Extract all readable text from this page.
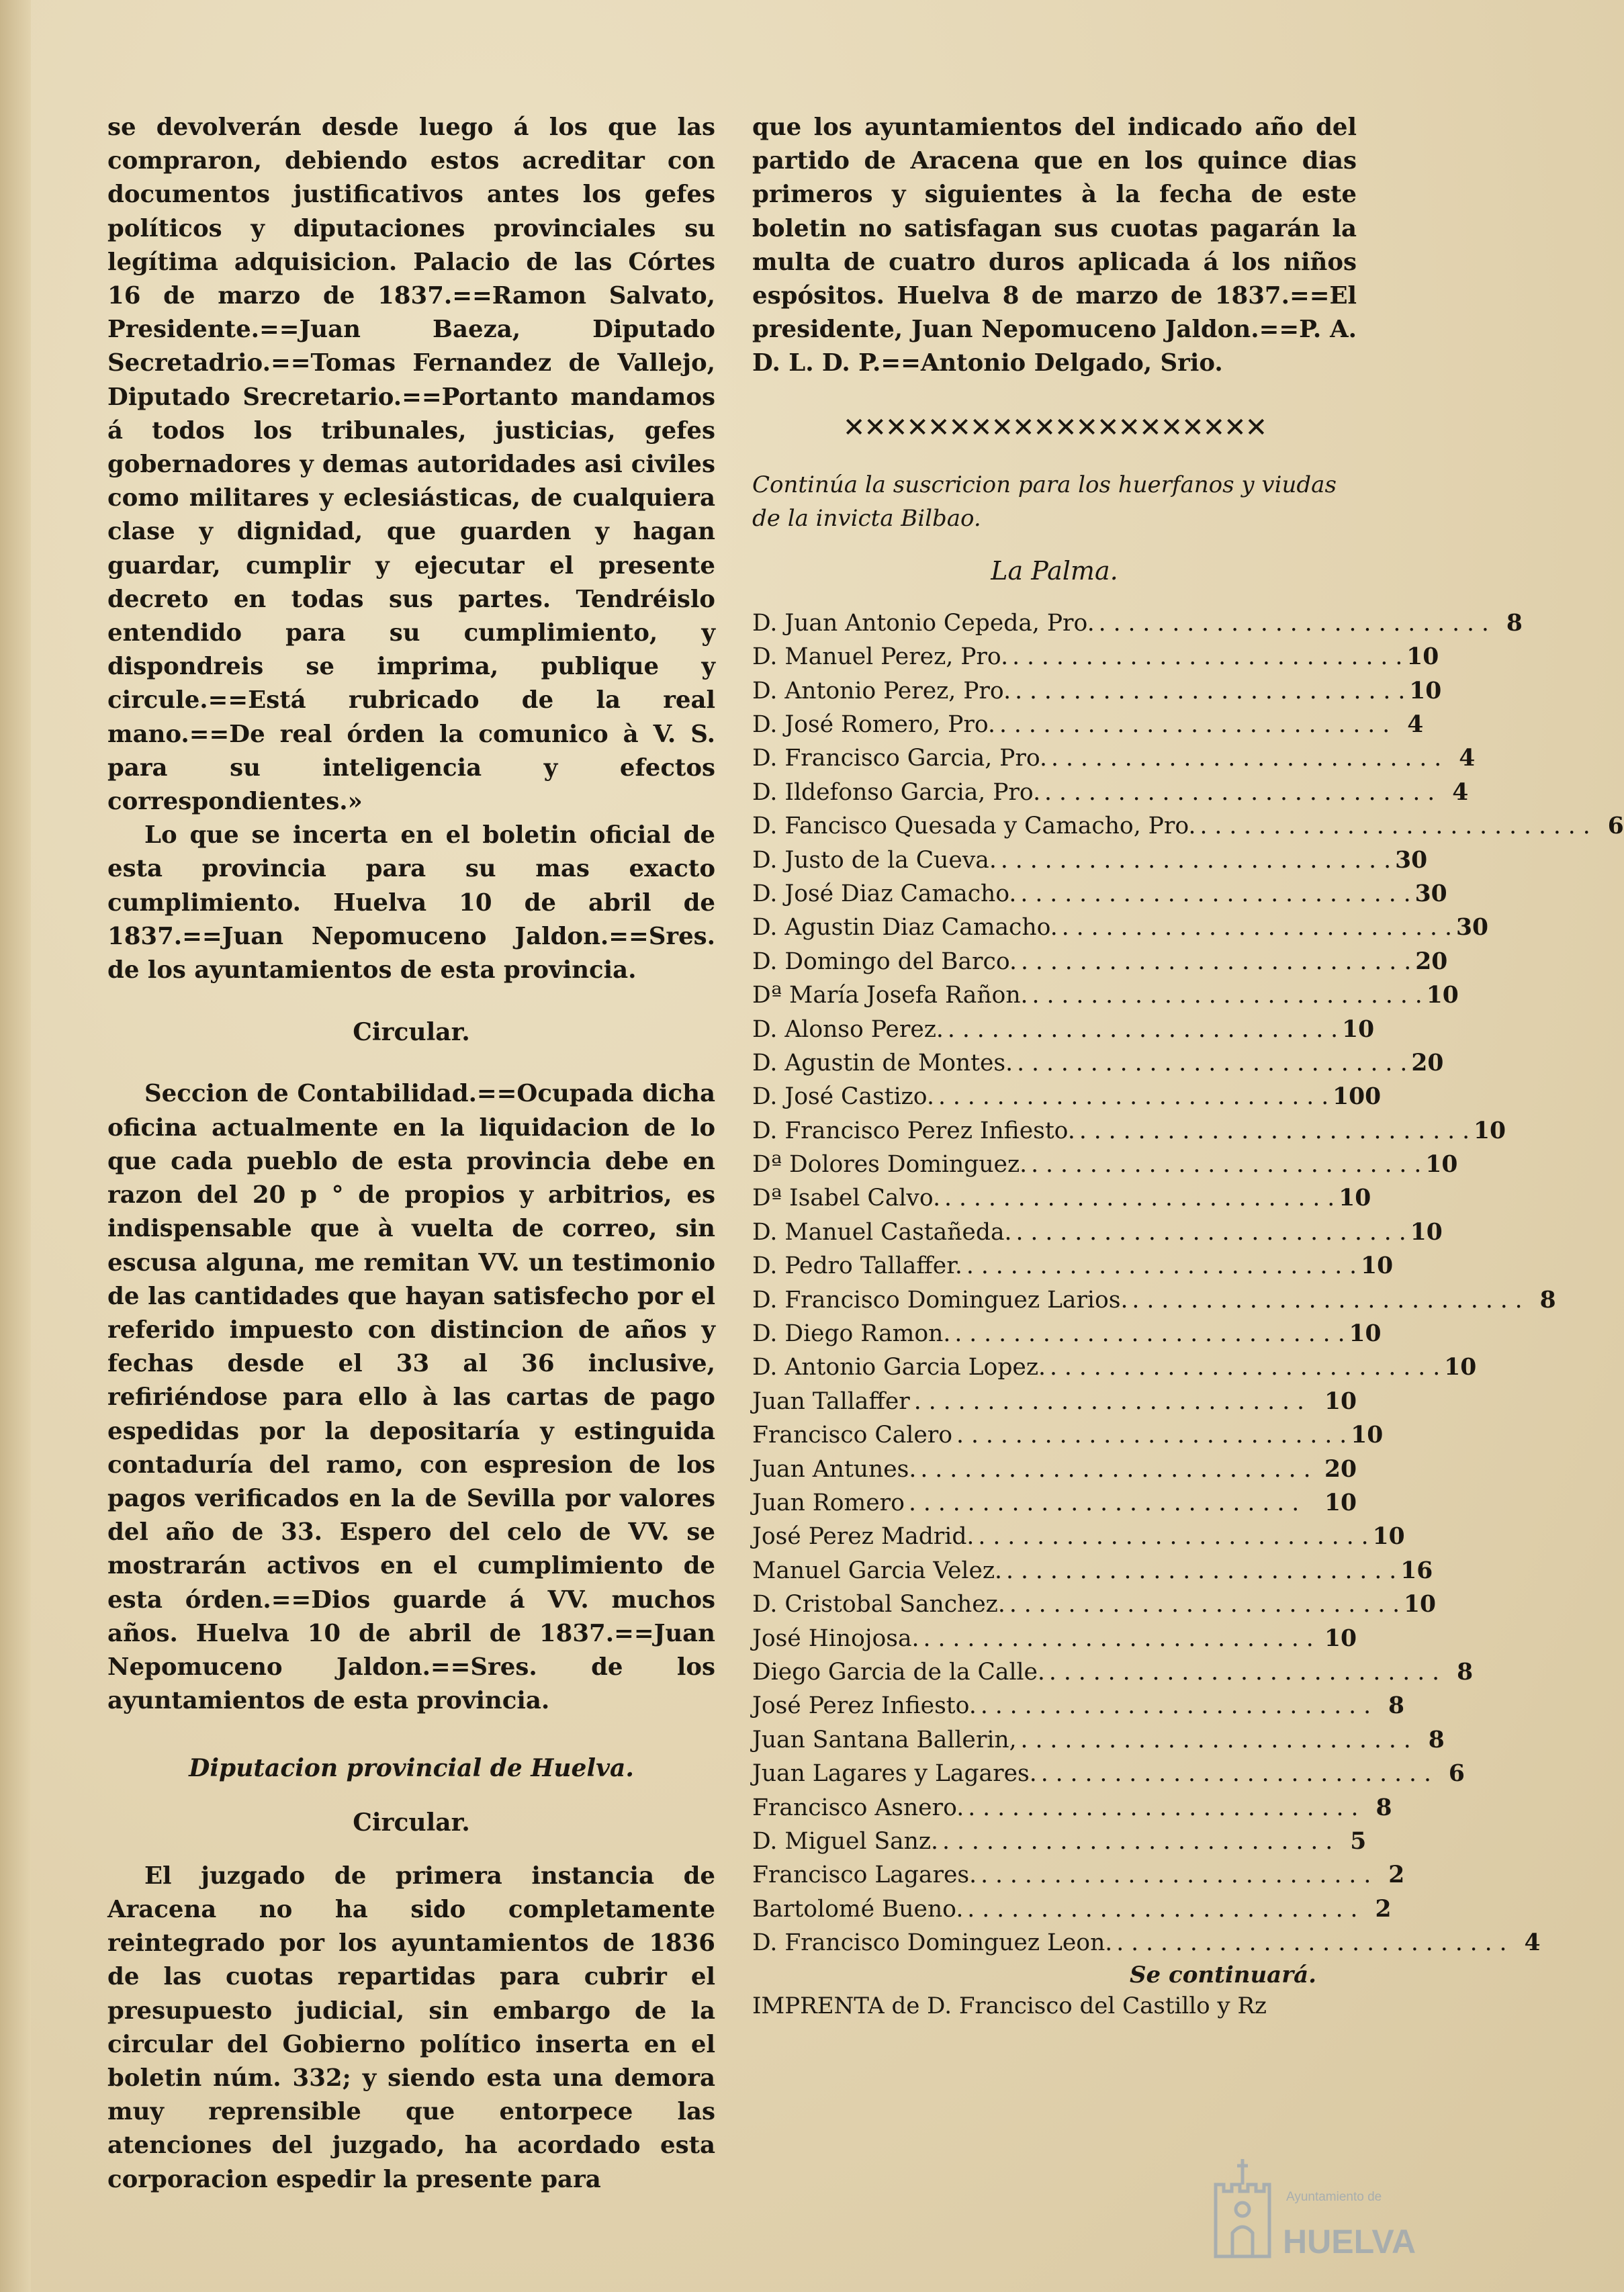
se devolverán desde luego á los que las compraron, debiendo estos acreditar con documentos justificativos antes los gefes políticos y diputaciones provinciales su legítima adquisicion. Palacio de las Córtes 16 de marzo de 1837.==Ramon Salvato, Presidente.==Juan Baeza, Diputado Secretadrio.==Tomas Fernandez de Vallejo, Diputado Srecretario.==Portanto mandamos á todos los tribunales, justicias, gefes gobernadores y demas autoridades asi civiles como militares y eclesiásticas, de cualquiera clase y dignidad, que guarden y hagan guardar, cumplir y ejecutar el presente decreto en todas sus partes. Tendréislo entendido para su cumplimiento, y dispondreis se imprima, publique y circule.==Está rubricado de la real mano.==De real órden la comunico à V. S. para su inteligencia y efectos correspondientes.»

Lo que se incerta en el boletin oficial de esta provincia para su mas exacto cumplimiento. Huelva 10 de abril de 1837.==Juan Nepomuceno Jaldon.==Sres. de los ayuntamientos de esta provincia.

Circular.

Seccion de Contabilidad.==Ocupada dicha oficina actualmente en la liquidacion de lo que cada pueblo de esta provincia debe en razon del 20 p ° de propios y arbitrios, es indispensable que à vuelta de correo, sin escusa alguna, me remitan VV. un testimonio de las cantidades que hayan satisfecho por el referido impuesto con distincion de años y fechas desde el 33 al 36 inclusive, refiriéndose para ello à las cartas de pago espedidas por la depositaría y estinguida contaduría del ramo, con espresion de los pagos verificados en la de Sevilla por valores del año de 33. Espero del celo de VV. se mostrarán activos en el cumplimiento de esta órden.==Dios guarde á VV. muchos años. Huelva 10 de abril de 1837.==Juan Nepomuceno Jaldon.==Sres. de los ayuntamientos de esta provincia.

Diputacion provincial de Huelva.

Circular.

El juzgado de primera instancia de Aracena no ha sido completamente reintegrado por los ayuntamientos de 1836 de las cuotas repartidas para cubrir el presupuesto judicial, sin embargo de la circular del Gobierno político inserta en el boletin núm. 332; y siendo esta una demora muy reprensible que entorpece las atenciones del juzgado, ha acordado esta corporacion espedir la presente para

que los ayuntamientos del indicado año del partido de Aracena que en los quince dias primeros y siguientes à la fecha de este boletin no satisfagan sus cuotas pagarán la multa de cuatro duros aplicada á los niños espósitos. Huelva 8 de marzo de 1837.==El presidente, Juan Nepomuceno Jaldon.==P. A. D. L. D. P.==Antonio Delgado, Srio.

✕✕✕✕✕✕✕✕✕✕✕✕✕✕✕✕✕✕✕✕

Continúa la suscricion para los huerfanos y viudas de la invicta Bilbao.

La Palma.

D. Juan Antonio Cepeda, Pro. . . . . . . . . . . . . . . . . . . . . . . . . . . . 8
D. Manuel Perez, Pro. . . . . . . . . . . . . . . . . . . . . . . . . . . . 10
D. Antonio Perez, Pro. . . . . . . . . . . . . . . . . . . . . . . . . . . . 10
D. José Romero, Pro. . . . . . . . . . . . . . . . . . . . . . . . . . . . 4
D. Francisco Garcia, Pro. . . . . . . . . . . . . . . . . . . . . . . . . . . . 4
D. Ildefonso Garcia, Pro. . . . . . . . . . . . . . . . . . . . . . . . . . . . 4
D. Fancisco Quesada y Camacho, Pro. . . . . . . . . . . . . . . . . . . . . . . . . . . . 6
D. Justo de la Cueva. . . . . . . . . . . . . . . . . . . . . . . . . . . . 30
D. José Diaz Camacho. . . . . . . . . . . . . . . . . . . . . . . . . . . . 30
D. Agustin Diaz Camacho. . . . . . . . . . . . . . . . . . . . . . . . . . . . 30
D. Domingo del Barco. . . . . . . . . . . . . . . . . . . . . . . . . . . . 20
Dª María Josefa Rañon. . . . . . . . . . . . . . . . . . . . . . . . . . . . 10
D. Alonso Perez. . . . . . . . . . . . . . . . . . . . . . . . . . . . 10
D. Agustin de Montes. . . . . . . . . . . . . . . . . . . . . . . . . . . . 20
D. José Castizo. . . . . . . . . . . . . . . . . . . . . . . . . . . . 100
D. Francisco Perez Infiesto. . . . . . . . . . . . . . . . . . . . . . . . . . . . 10
Dª Dolores Dominguez. . . . . . . . . . . . . . . . . . . . . . . . . . . . 10
Dª Isabel Calvo. . . . . . . . . . . . . . . . . . . . . . . . . . . . 10
D. Manuel Castañeda. . . . . . . . . . . . . . . . . . . . . . . . . . . . 10
D. Pedro Tallaffer. . . . . . . . . . . . . . . . . . . . . . . . . . . . 10
D. Francisco Dominguez Larios. . . . . . . . . . . . . . . . . . . . . . . . . . . . 8
D. Diego Ramon. . . . . . . . . . . . . . . . . . . . . . . . . . . . 10
D. Antonio Garcia Lopez. . . . . . . . . . . . . . . . . . . . . . . . . . . . 10
Juan Tallaffer . . . . . . . . . . . . . . . . . . . . . . . . . . . 10
Francisco Calero . . . . . . . . . . . . . . . . . . . . . . . . . . . 10
Juan Antunes. . . . . . . . . . . . . . . . . . . . . . . . . . . . 20
Juan Romero . . . . . . . . . . . . . . . . . . . . . . . . . . .	10
José Perez Madrid. . . . . . . . . . . . . . . . . . . . . . . . . . . . 10
Manuel Garcia Velez. . . . . . . . . . . . . . . . . . . . . . . . . . . . 16
D. Cristobal Sanchez. . . . . . . . . . . . . . . . . . . . . . . . . . . . 10
José Hinojosa. . . . . . . . . . . . . . . . . . . . . . . . . . . . 10
Diego Garcia de la Calle. . . . . . . . . . . . . . . . . . . . . . . . . . . . 8
José Perez Infiesto. . . . . . . . . . . . . . . . . . . . . . . . . . . . 8
Juan Santana Ballerin, . . . . . . . . . . . . . . . . . . . . . . . . . . . 8
Juan Lagares y Lagares. . . . . . . . . . . . . . . . . . . . . . . . . . . . 6
Francisco Asnero. . . . . . . . . . . . . . . . . . . . . . . . . . . . 8
D. Miguel Sanz. . . . . . . . . . . . . . . . . . . . . . . . . . . . 5
Francisco Lagares. . . . . . . . . . . . . . . . . . . . . . . . . . . . 2
Bartolomé Bueno. . . . . . . . . . . . . . . . . . . . . . . . . . . . 2
D. Francisco Dominguez Leon. . . . . . . . . . . . . . . . . . . . . . . . . . . . 4

Se continuará.

IMPRENTA de D. Francisco del Castillo y Rz

Ayuntamiento de
HUELVA
